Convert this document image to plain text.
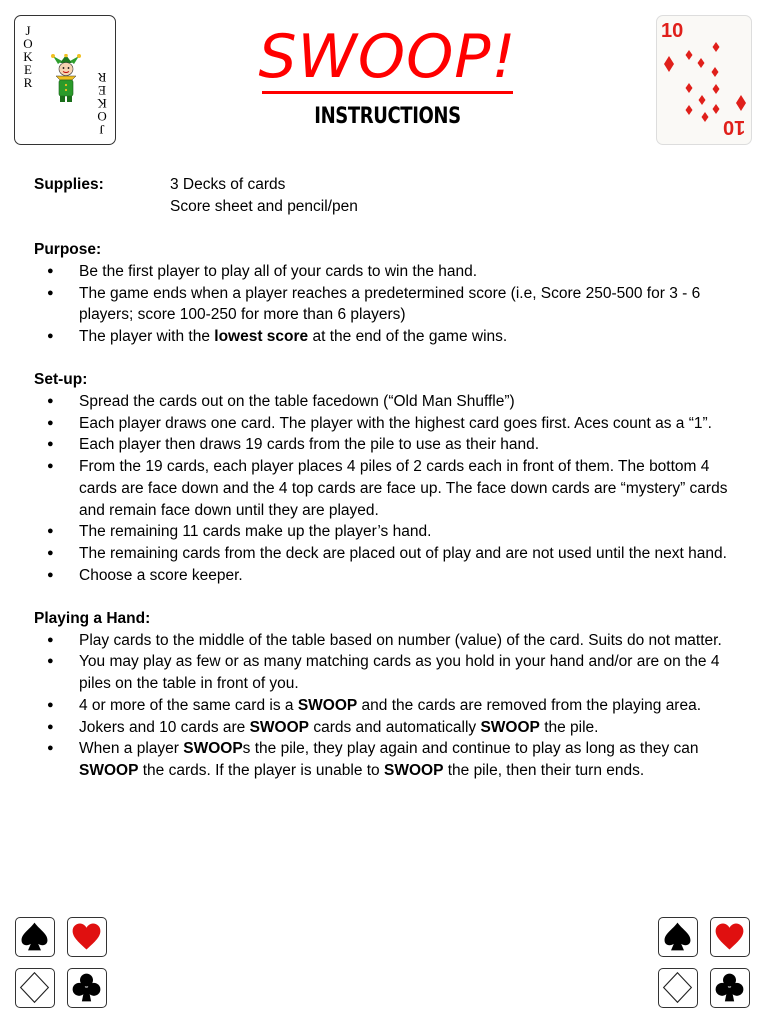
J
O
K
E
R
J
O
K
E
R	SWOOP!
INSTRUCTIONS
10
10
Supplies:	3 Decks of cards
Score sheet and pencil/pen
Purpose:
● Be the first player to play all of your cards to win the hand.
● The game ends when a player reaches a predetermined score (i.e, Score 250-500 for 3 - 6 players; score 100-250 for more than 6 players)
● The player with the lowest score at the end of the game wins.
Set-up:
● Spread the cards out on the table facedown (“Old Man Shuffle”)
● Each player draws one card. The player with the highest card goes first. Aces count as a “1”.
● Each player then draws 19 cards from the pile to use as their hand.
● From the 19 cards, each player places 4 piles of 2 cards each in front of them. The bottom 4 cards are face down and the 4 top cards are face up. The face down cards are “mystery” cards and remain face down until they are played.
● The remaining 11 cards make up the player’s hand.
● The remaining cards from the deck are placed out of play and are not used until the next hand.
● Choose a score keeper.
Playing a Hand:
● Play cards to the middle of the table based on number (value) of the card. Suits do not matter.
● You may play as few or as many matching cards as you hold in your hand and/or are on the 4 piles on the table in front of you.
● 4 or more of the same card is a SWOOP and the cards are removed from the playing area.
● Jokers and 10 cards are SWOOP cards and automatically SWOOP the pile.
● When a player SWOOPs the pile, they play again and continue to play as long as they can SWOOP the cards. If the player is unable to SWOOP the pile, then their turn ends.
